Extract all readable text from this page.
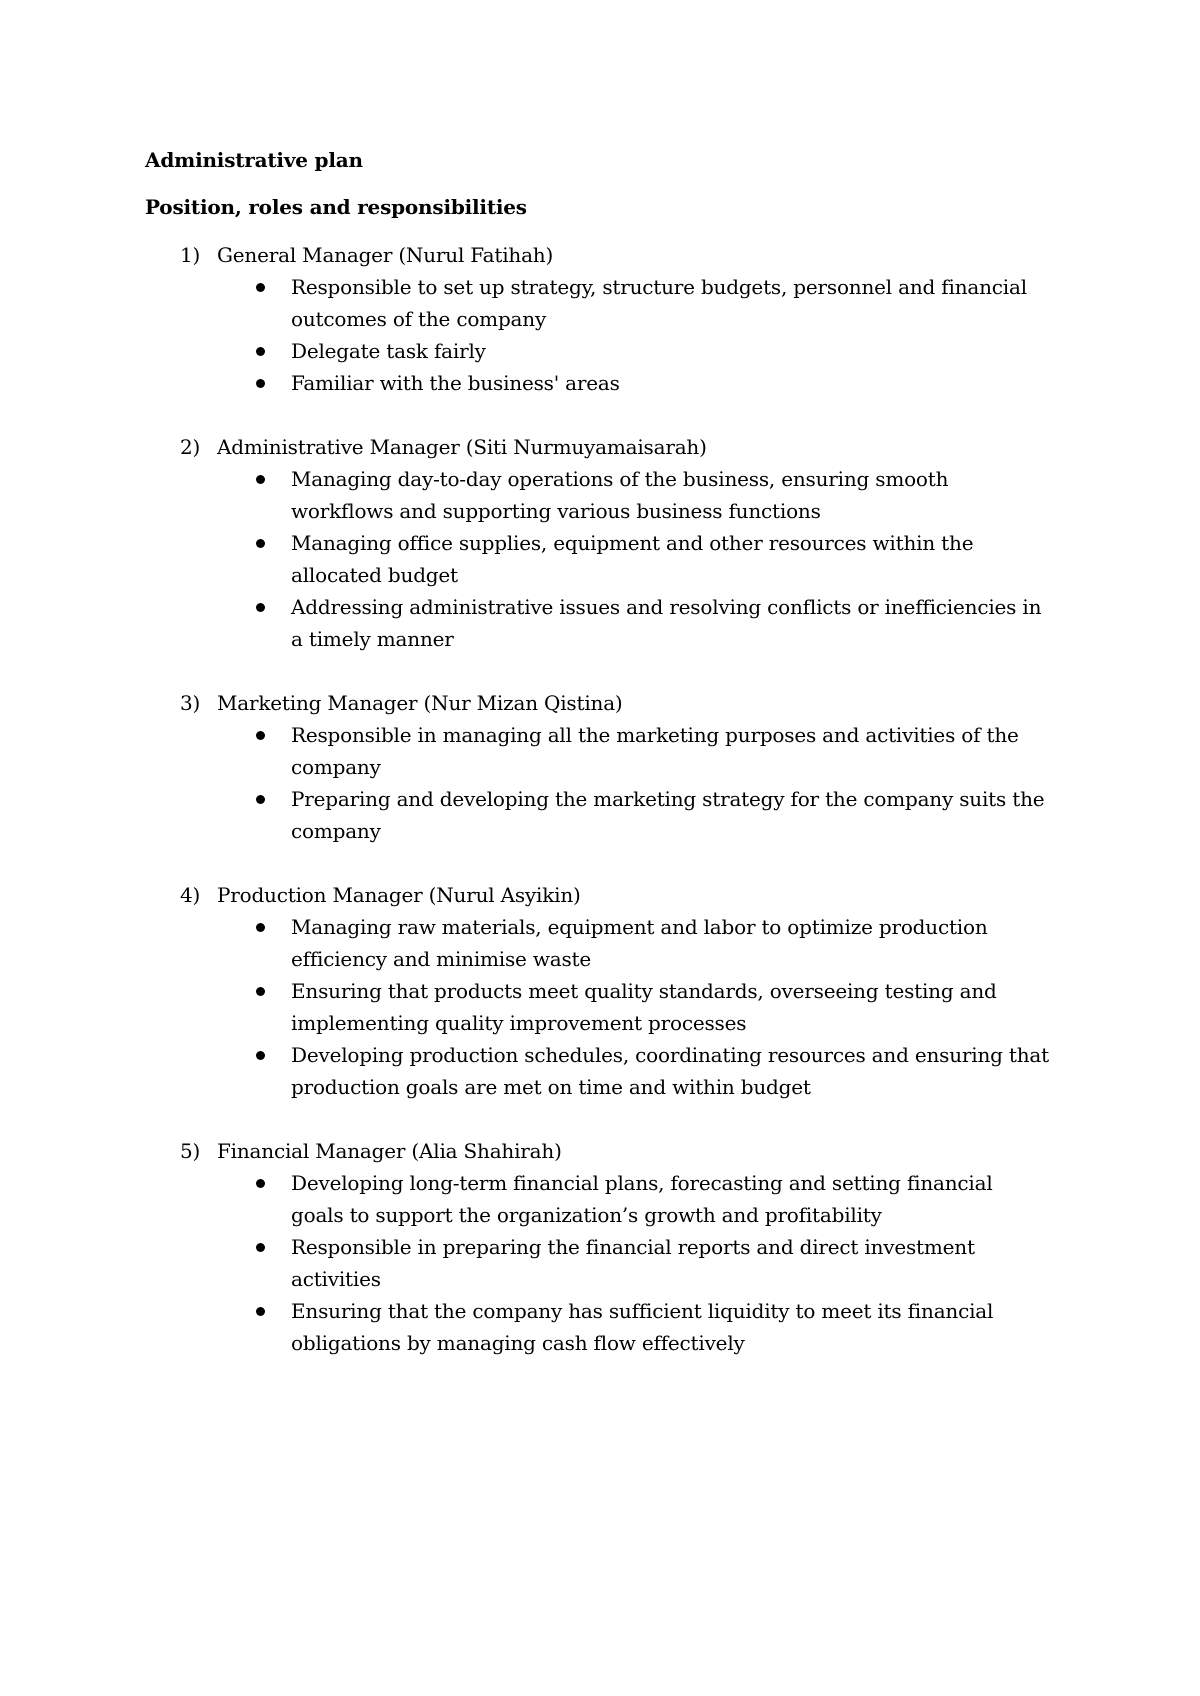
Administrative plan

Position, roles and responsibilities

1) General Manager (Nurul Fatihah)
Responsible to set up strategy, structure budgets, personnel and financial outcomes of the company
Delegate task fairly
Familiar with the business' areas
2) Administrative Manager (Siti Nurmuyamaisarah)
Managing day-to-day operations of the business, ensuring smooth workflows and supporting various business functions
Managing office supplies, equipment and other resources within the allocated budget
Addressing administrative issues and resolving conflicts or inefficiencies in a timely manner
3) Marketing Manager (Nur Mizan Qistina)
Responsible in managing all the marketing purposes and activities of the company
Preparing and developing the marketing strategy for the company suits the company
4) Production Manager (Nurul Asyikin)
Managing raw materials, equipment and labor to optimize production efficiency and minimise waste
Ensuring that products meet quality standards, overseeing testing and implementing quality improvement processes
Developing production schedules, coordinating resources and ensuring that production goals are met on time and within budget
5) Financial Manager (Alia Shahirah)
Developing long-term financial plans, forecasting and setting financial goals to support the organization’s growth and profitability
Responsible in preparing the financial reports and direct investment activities
Ensuring that the company has sufficient liquidity to meet its financial obligations by managing cash flow effectively
